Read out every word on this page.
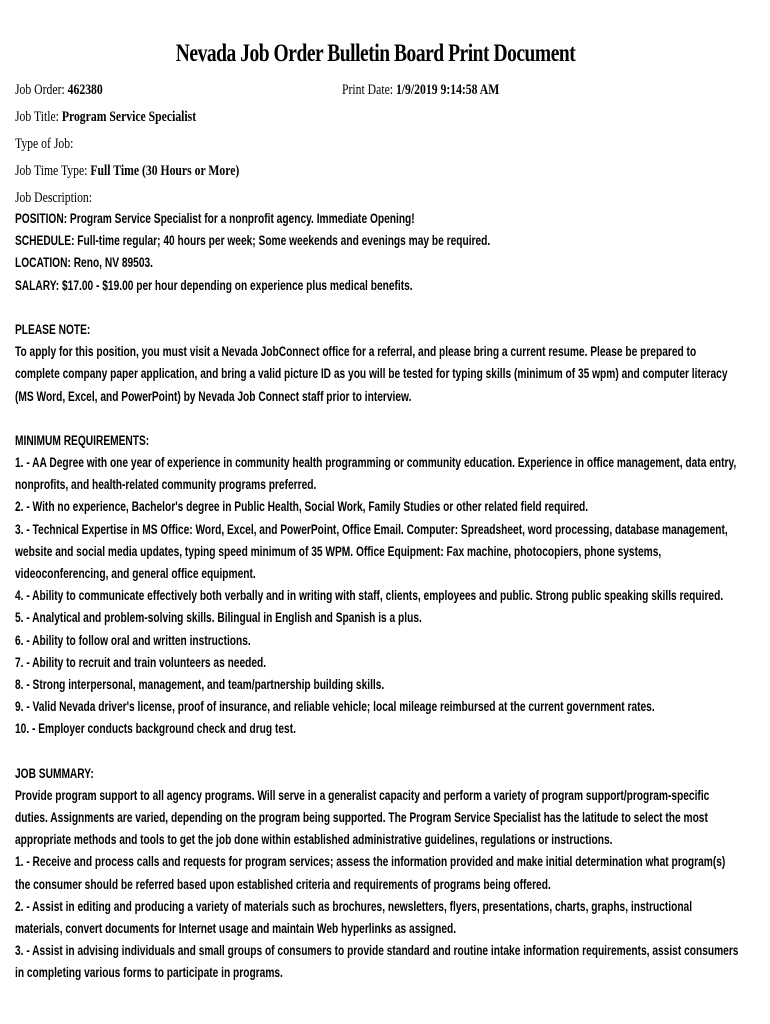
Nevada Job Order Bulletin Board Print Document
Job Order: 462380	Print Date: 1/9/2019 9:14:58 AM
Job Title: Program Service Specialist
Type of Job:
Job Time Type: Full Time (30 Hours or More)
Job Description:
POSITION: Program Service Specialist for a nonprofit agency. Immediate Opening!
SCHEDULE: Full-time regular; 40 hours per week; Some weekends and evenings may be required.
LOCATION: Reno, NV 89503.
SALARY: $17.00 - $19.00 per hour depending on experience plus medical benefits.
PLEASE NOTE:
To apply for this position, you must visit a Nevada JobConnect office for a referral, and please bring a current resume. Please be prepared to
complete company paper application, and bring a valid picture ID as you will be tested for typing skills (minimum of 35 wpm) and computer literacy
(MS Word, Excel, and PowerPoint) by Nevada Job Connect staff prior to interview.
MINIMUM REQUIREMENTS:
1. - AA Degree with one year of experience in community health programming or community education. Experience in office management, data entry,
nonprofits, and health-related community programs preferred.
2. - With no experience, Bachelor's degree in Public Health, Social Work, Family Studies or other related field required.
3. - Technical Expertise in MS Office: Word, Excel, and PowerPoint, Office Email. Computer: Spreadsheet, word processing, database management,
website and social media updates, typing speed minimum of 35 WPM. Office Equipment: Fax machine, photocopiers, phone systems,
videoconferencing, and general office equipment.
4. - Ability to communicate effectively both verbally and in writing with staff, clients, employees and public. Strong public speaking skills required.
5. - Analytical and problem-solving skills. Bilingual in English and Spanish is a plus.
6. - Ability to follow oral and written instructions.
7. - Ability to recruit and train volunteers as needed.
8. - Strong interpersonal, management, and team/partnership building skills.
9. - Valid Nevada driver's license, proof of insurance, and reliable vehicle; local mileage reimbursed at the current government rates.
10. - Employer conducts background check and drug test.
JOB SUMMARY:
Provide program support to all agency programs. Will serve in a generalist capacity and perform a variety of program support/program-specific
duties. Assignments are varied, depending on the program being supported. The Program Service Specialist has the latitude to select the most
appropriate methods and tools to get the job done within established administrative guidelines, regulations or instructions.
1. - Receive and process calls and requests for program services; assess the information provided and make initial determination what program(s)
the consumer should be referred based upon established criteria and requirements of programs being offered.
2. - Assist in editing and producing a variety of materials such as brochures, newsletters, flyers, presentations, charts, graphs, instructional
materials, convert documents for Internet usage and maintain Web hyperlinks as assigned.
3. - Assist in advising individuals and small groups of consumers to provide standard and routine intake information requirements, assist consumers
in completing various forms to participate in programs.
